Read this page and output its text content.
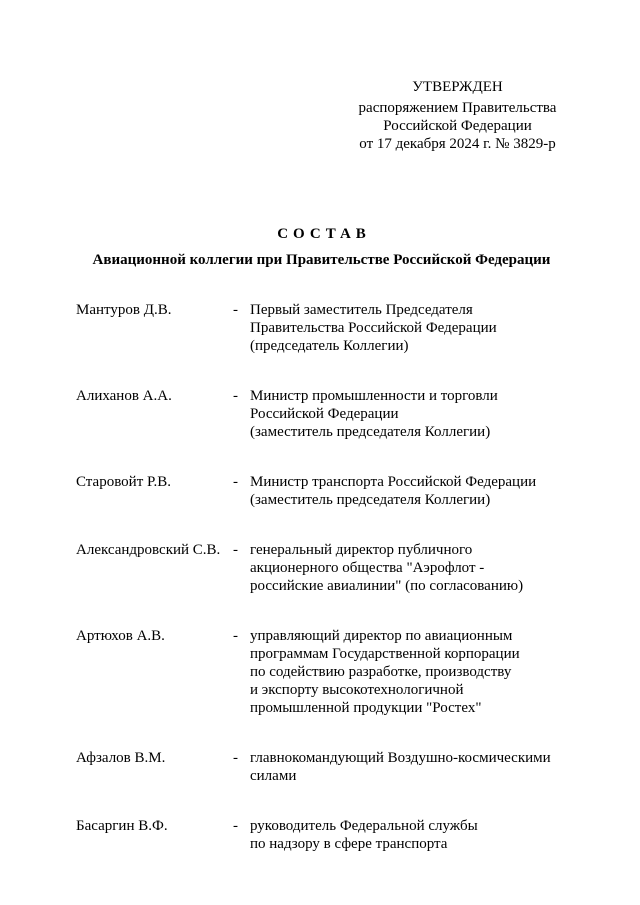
УТВЕРЖДЕН
распоряжением Правительства
Российской Федерации
от 17 декабря 2024 г. № 3829-р
СОСТАВ
Авиационной коллегии при Правительстве Российской Федерации
Мантуров Д.В.	- Первый заместитель Председателя
Правительства Российской Федерации
(председатель Коллегии)
Алиханов А.А.	- Министр промышленности и торговли
Российской Федерации
(заместитель председателя Коллегии)
Старовойт Р.В.	- Министр транспорта Российской Федерации
(заместитель председателя Коллегии)
Александровский С.В. - генеральный директор публичного
акционерного общества "Аэрофлот -
российские авиалинии" (по согласованию)
Артюхов А.В.	- управляющий директор по авиационным
программам Государственной корпорации
по содействию разработке, производству
и экспорту высокотехнологичной
промышленной продукции "Ростех"
Афзалов В.М.	- главнокомандующий Воздушно-космическими
силами
Басаргин В.Ф.	- руководитель Федеральной службы
по надзору в сфере транспорта
